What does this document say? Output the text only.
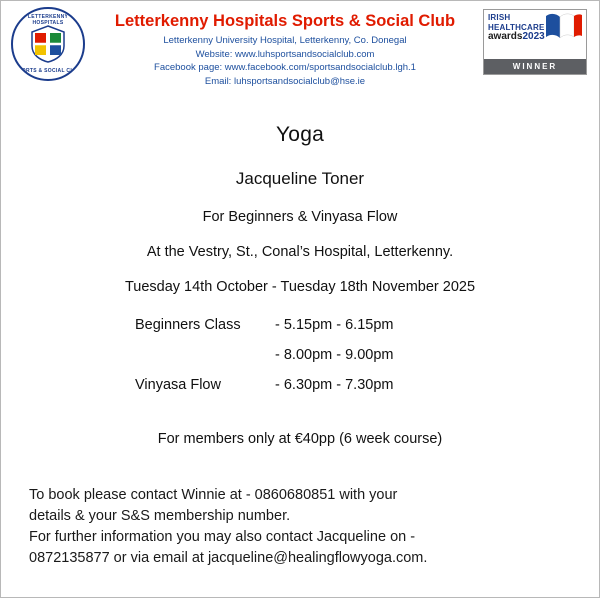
LETTERKENNY HOSPITALS
SPORTS & SOCIAL CLUB
Letterkenny Hospitals Sports & Social Club
Letterkenny University Hospital, Letterkenny, Co. Donegal
Website: www.luhsportsandsocialclub.com
Facebook page: www.facebook.com/sportsandsocialclub.lgh.1
Email: luhsportsandsocialclub@hse.ie
IRISH
HEALTHCARE
awards2023
WINNER
Yoga
Jacqueline Toner
For Beginners & Vinyasa Flow
At the Vestry, St., Conal’s Hospital, Letterkenny.
Tuesday 14th October - Tuesday 18th November 2025
Beginners Class	- 5.15pm - 6.15pm
- 8.00pm - 9.00pm
Vinyasa Flow	- 6.30pm - 7.30pm
For members only at €40pp (6 week course)

To book please contact Winnie at - 0860680851 with your

details & your S&S membership number.

For further information you may also contact Jacqueline on -

0872135877 or via email at jacqueline@healingflowyoga.com.
